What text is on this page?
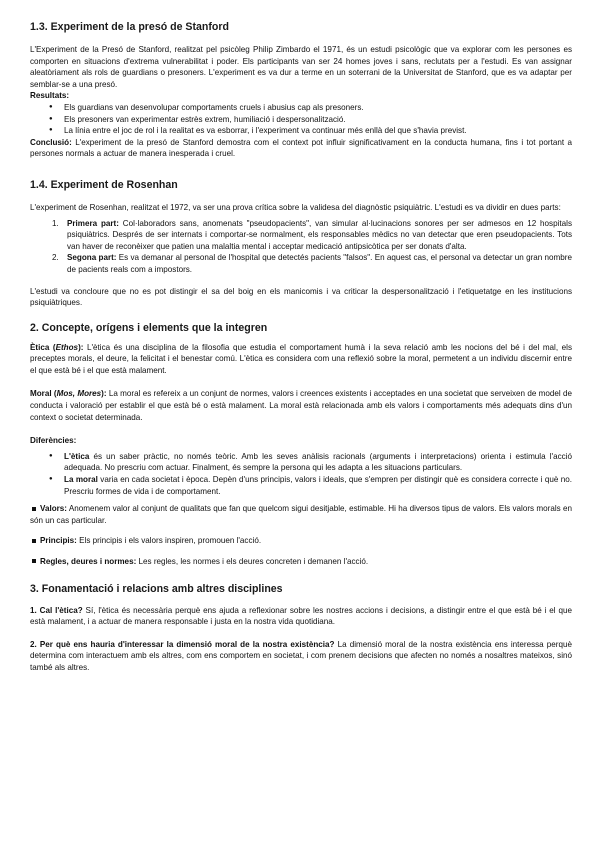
1.3. Experiment de la presó de Stanford

L'Experiment de la Presó de Stanford, realitzat pel psicòleg Philip Zimbardo el 1971, és un estudi psicològic que va explorar com les persones es comporten en situacions d'extrema vulnerabilitat i poder. Els participants van ser 24 homes joves i sans, reclutats per a l'estudi. Es van assignar aleatòriament als rols de guardians o presoners. L'experiment es va dur a terme en un soterrani de la Universitat de Stanford, que es va adaptar per semblar-se a una presó.

Resultats:

● Els guardians van desenvolupar comportaments cruels i abusius cap als presoners.
● Els presoners van experimentar estrès extrem, humiliació i despersonalització.
● La línia entre el joc de rol i la realitat es va esborrar, i l'experiment va continuar més enllà del que s'havia previst.

Conclusió: L'experiment de la presó de Stanford demostra com el context pot influir significativament en la conducta humana, fins i tot portant a persones normals a actuar de manera inesperada i cruel.

1.4. Experiment de Rosenhan

L'experiment de Rosenhan, realitzat el 1972, va ser una prova crítica sobre la validesa del diagnòstic psiquiàtric. L'estudi es va dividir en dues parts:

1. Primera part: Col·laboradors sans, anomenats "pseudopacients", van simular al·lucinacions sonores per ser admesos en 12 hospitals psiquiàtrics. Després de ser internats i comportar-se normalment, els responsables mèdics no van detectar que eren pseudopacients. Tots van haver de reconèixer que patien una malaltia mental i acceptar medicació antipsicòtica per ser donats d'alta.
2. Segona part: Es va demanar al personal de l'hospital que detectés pacients "falsos". En aquest cas, el personal va detectar un gran nombre de pacients reals com a impostors.

L'estudi va concloure que no es pot distingir el sa del boig en els manicomis i va criticar la despersonalització i l'etiquetatge en les institucions psiquiàtriques.

2. Concepte, orígens i elements que la integren

Ètica (Ethos): L'ètica és una disciplina de la filosofia que estudia el comportament humà i la seva relació amb les nocions del bé i del mal, els preceptes morals, el deure, la felicitat i el benestar comú. L'ètica es considera com una reflexió sobre la moral, permetent a un individu discernir entre el que està bé i el que està malament.

Moral (Mos, Mores): La moral es refereix a un conjunt de normes, valors i creences existents i acceptades en una societat que serveixen de model de conducta i valoració per establir el que està bé o està malament. La moral està relacionada amb els valors i comportaments més adequats dins d'un context o societat determinada.

Diferències:

● L'ètica és un saber pràctic, no només teòric. Amb les seves anàlisis racionals (arguments i interpretacions) orienta i estimula l'acció adequada. No prescriu com actuar. Finalment, és sempre la persona qui les adapta a les situacions particulars.
● La moral varia en cada societat i època. Depèn d'uns principis, valors i ideals, que s'empren per distingir què es considera correcte i què no. Prescriu formes de vida i de comportament.

Valors: Anomenem valor al conjunt de qualitats que fan que quelcom sigui desitjable, estimable. Hi ha diversos tipus de valors. Els valors morals en són un cas particular.

Principis: Els principis i els valors inspiren, promouen l'acció.

Regles, deures i normes: Les regles, les normes i els deures concreten i demanen l'acció.

3. Fonamentació i relacions amb altres disciplines

1. Cal l'ètica? Sí, l'ètica és necessària perquè ens ajuda a reflexionar sobre les nostres accions i decisions, a distingir entre el que està bé i el que està malament, i a actuar de manera responsable i justa en la nostra vida quotidiana.

2. Per què ens hauria d'interessar la dimensió moral de la nostra existència? La dimensió moral de la nostra existència ens interessa perquè determina com interactuem amb els altres, com ens comportem en societat, i com prenem decisions que afecten no només a nosaltres mateixos, sinó també als altres.
